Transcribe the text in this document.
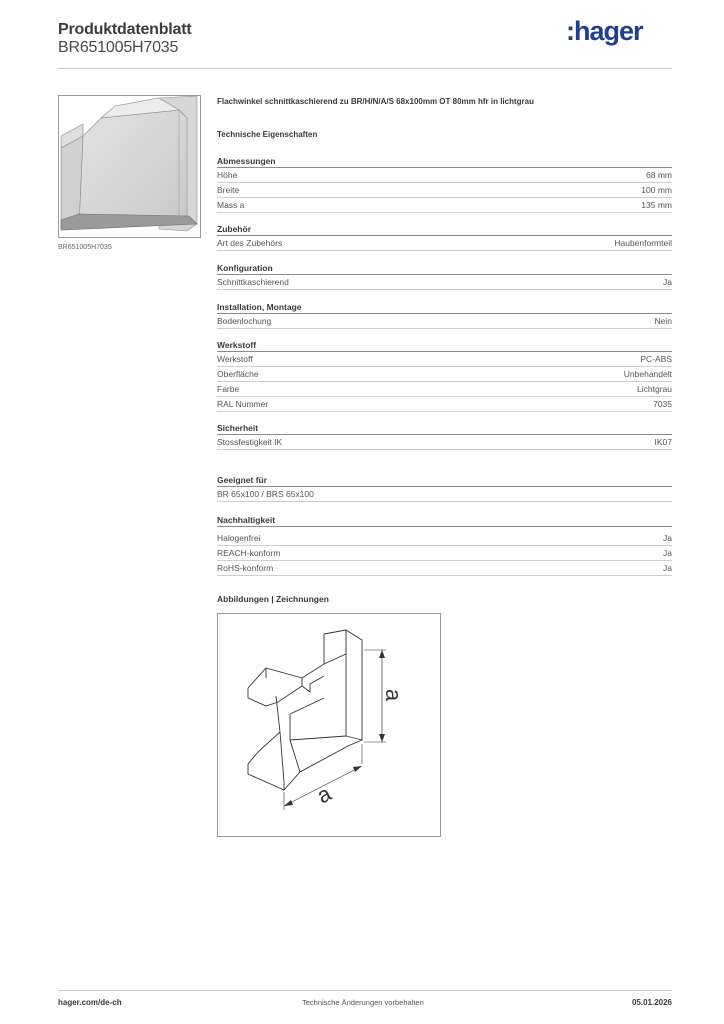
Produktdatenblatt
BR651005H7035
:hager
BR651005H7035
Flachwinkel schnittkaschierend zu BR/H/N/A/S 68x100mm OT 80mm hfr in lichtgrau
Technische Eigenschaften
Abmessungen
Höhe	68 mm
Breite	100 mm
Mass a	135 mm
Zubehör
Art des Zubehörs	Haubenformteil
Konfiguration
Schnittkaschierend	Ja
Installation, Montage
Bodenlochung	Nein
Werkstoff
Werkstoff	PC-ABS
Oberfläche	Unbehandelt
Farbe	Lichtgrau
RAL Nummer	7035
Sicherheit
Stossfestigkeit IK	IK07
Geeignet für
BR 65x100 / BRS 65x100
Nachhaltigkeit
Halogenfrei	Ja
REACH-konform	Ja
RoHS-konform	Ja
Abbildungen | Zeichnungen
a
a
hager.com/de-ch	Technische Änderungen vorbehalten	05.01.2026
